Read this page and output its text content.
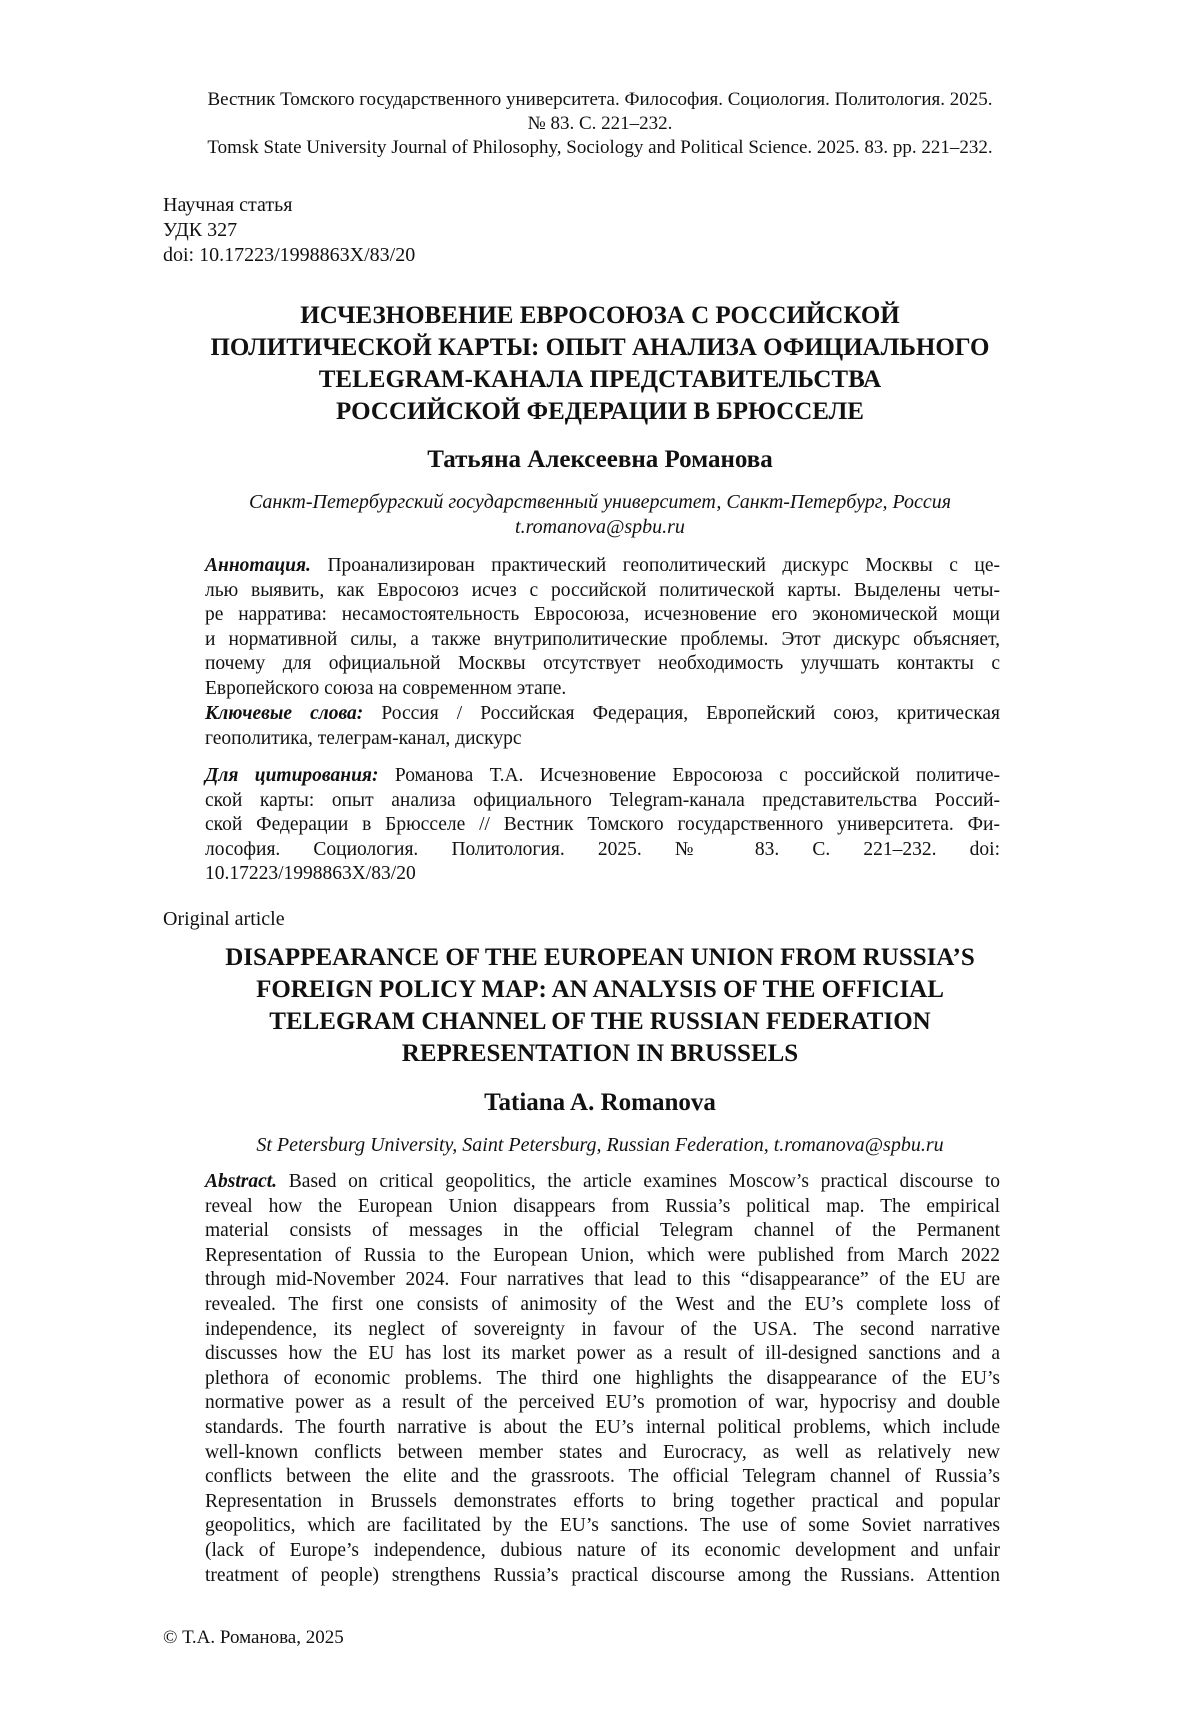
Вестник Томского государственного университета. Философия. Социология. Политология. 2025.
№ 83. С. 221–232.
Tomsk State University Journal of Philosophy, Sociology and Political Science. 2025. 83. pp. 221–232.
Научная статья
УДК 327
doi: 10.17223/1998863X/83/20
ИСЧЕЗНОВЕНИЕ ЕВРОСОЮЗА С РОССИЙСКОЙ
ПОЛИТИЧЕСКОЙ КАРТЫ: ОПЫТ АНАЛИЗА ОФИЦИАЛЬНОГО
TELEGRAM-КАНАЛА ПРЕДСТАВИТЕЛЬСТВА
РОССИЙСКОЙ ФЕДЕРАЦИИ В БРЮССЕЛЕ
Татьяна Алексеевна Романова
Санкт-Петербургский государственный университет, Санкт-Петербург, Россия
t.romanova@spbu.ru
Аннотация. Проанализирован практический геополитический дискурс Москвы с це-
лью выявить, как Евросоюз исчез с российской политической карты. Выделены четы-
ре нарратива: несамостоятельность Евросоюза, исчезновение его экономической мощи
и нормативной силы, а также внутриполитические проблемы. Этот дискурс объясняет,
почему для официальной Москвы отсутствует необходимость улучшать контакты с
Европейского союза на современном этапе.
Ключевые слова: Россия / Российская Федерация, Европейский союз, критическая
геополитика, телеграм-канал, дискурс
Для цитирования: Романова Т.А. Исчезновение Евросоюза с российской политиче-
ской карты: опыт анализа официального Telegram-канала представительства Россий-
ской Федерации в Брюсселе // Вестник Томского государственного университета. Фи-
лософия. Социология. Политология. 2025. № 83. С. 221–232. doi:
10.17223/1998863X/83/20
Original article
DISAPPEARANCE OF THE EUROPEAN UNION FROM RUSSIA’S
FOREIGN POLICY MAP: AN ANALYSIS OF THE OFFICIAL
TELEGRAM CHANNEL OF THE RUSSIAN FEDERATION
REPRESENTATION IN BRUSSELS
Tatiana A. Romanova
St Petersburg University, Saint Petersburg, Russian Federation, t.romanova@spbu.ru
Abstract. Based on critical geopolitics, the article examines Moscow’s practical discourse to
reveal how the European Union disappears from Russia’s political map. The empirical
material consists of messages in the official Telegram channel of the Permanent
Representation of Russia to the European Union, which were published from March 2022
through mid-November 2024. Four narratives that lead to this “disappearance” of the EU are
revealed. The first one consists of animosity of the West and the EU’s complete loss of
independence, its neglect of sovereignty in favour of the USA. The second narrative
discusses how the EU has lost its market power as a result of ill-designed sanctions and a
plethora of economic problems. The third one highlights the disappearance of the EU’s
normative power as a result of the perceived EU’s promotion of war, hypocrisy and double
standards. The fourth narrative is about the EU’s internal political problems, which include
well-known conflicts between member states and Eurocracy, as well as relatively new
conflicts between the elite and the grassroots. The official Telegram channel of Russia’s
Representation in Brussels demonstrates efforts to bring together practical and popular
geopolitics, which are facilitated by the EU’s sanctions. The use of some Soviet narratives
(lack of Europe’s independence, dubious nature of its economic development and unfair
treatment of people) strengthens Russia’s practical discourse among the Russians. Attention
© Т.А. Романова, 2025
